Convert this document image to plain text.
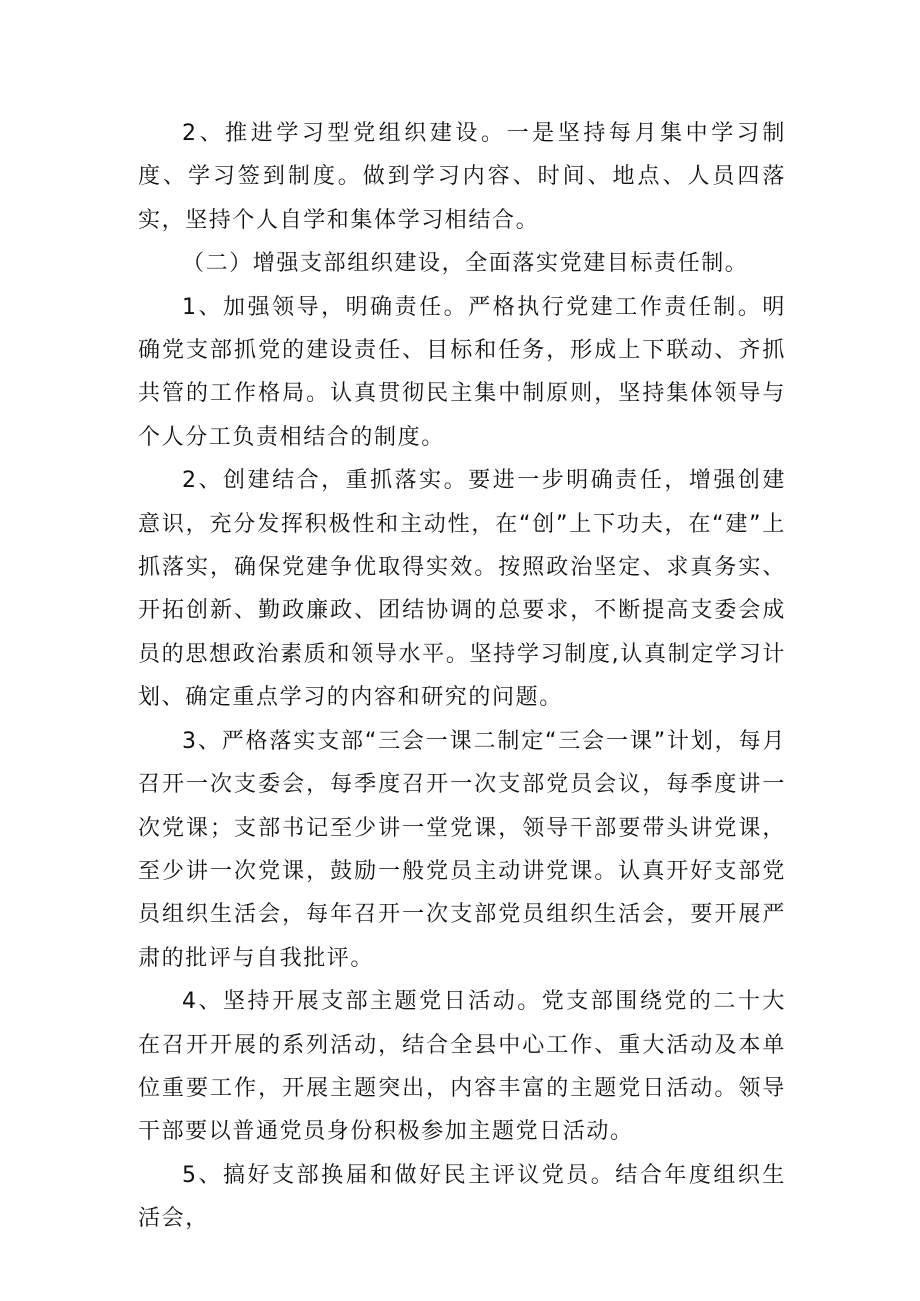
2、推进学习型党组织建设。一是坚持每月集中学习制度、学习签到制度。做到学习内容、时间、地点、人员四落实，坚持个人自学和集体学习相结合。

（二）增强支部组织建设，全面落实党建目标责任制。

1、加强领导，明确责任。严格执行党建工作责任制。明确党支部抓党的建设责任、目标和任务，形成上下联动、齐抓共管的工作格局。认真贯彻民主集中制原则，坚持集体领导与个人分工负责相结合的制度。

2、创建结合，重抓落实。要进一步明确责任，增强创建意识，充分发挥积极性和主动性，在“创”上下功夫，在“建”上抓落实，确保党建争优取得实效。按照政治坚定、求真务实、开拓创新、勤政廉政、团结协调的总要求，不断提高支委会成员的思想政治素质和领导水平。坚持学习制度,认真制定学习计划、确定重点学习的内容和研究的问题。

3、严格落实支部“三会一课二制定“三会一课”计划，每月召开一次支委会，每季度召开一次支部党员会议，每季度讲一次党课；支部书记至少讲一堂党课，领导干部要带头讲党课，至少讲一次党课，鼓励一般党员主动讲党课。认真开好支部党员组织生活会，每年召开一次支部党员组织生活会，要开展严肃的批评与自我批评。

4、坚持开展支部主题党日活动。党支部围绕党的二十大在召开开展的系列活动，结合全县中心工作、重大活动及本单位重要工作，开展主题突出，内容丰富的主题党日活动。领导干部要以普通党员身份积极参加主题党日活动。

5、搞好支部换届和做好民主评议党员。结合年度组织生活会，
